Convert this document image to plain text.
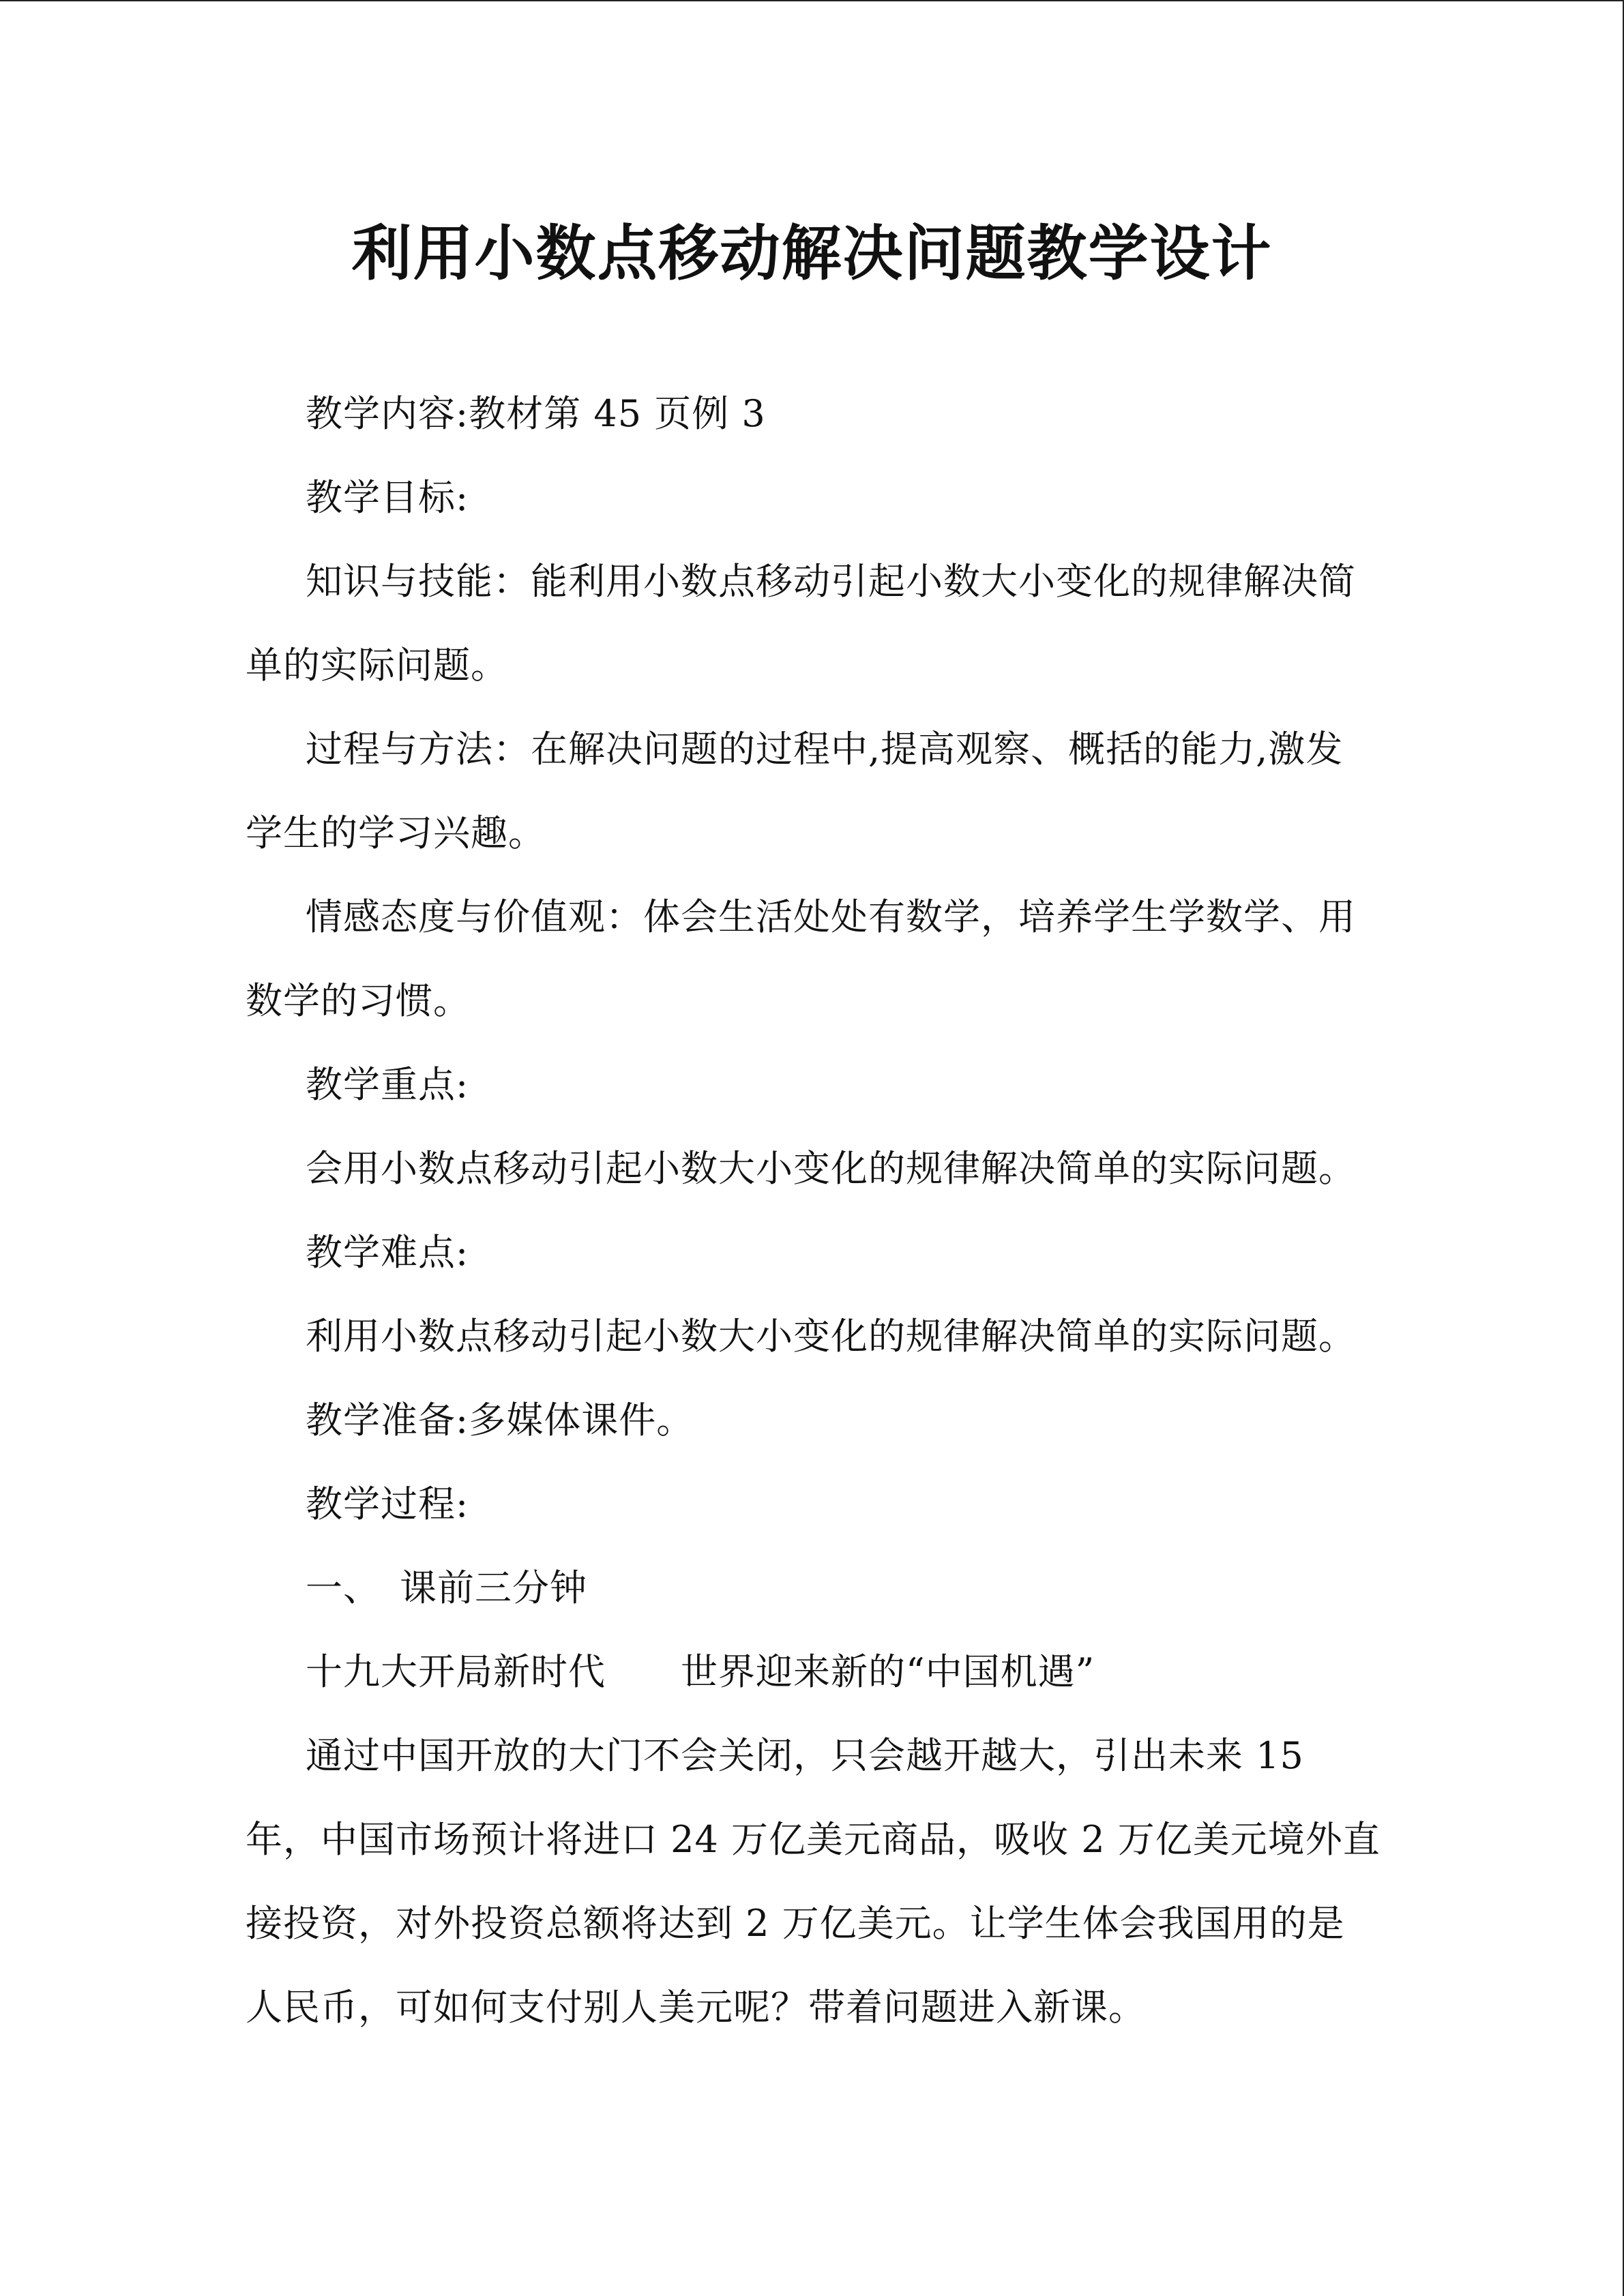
利用小数点移动解决问题教学设计

教学内容:教材第 45 页例 3

教学目标:

知识与技能：能利用小数点移动引起小数大小变化的规律解决简

单的实际问题。

过程与方法：在解决问题的过程中,提高观察、概括的能力,激发

学生的学习兴趣。

情感态度与价值观：体会生活处处有数学，培养学生学数学、用

数学的习惯。

教学重点:

会用小数点移动引起小数大小变化的规律解决简单的实际问题。

教学难点:

利用小数点移动引起小数大小变化的规律解决简单的实际问题。

教学准备:多媒体课件。

教学过程:

一、　课前三分钟

十九大开局新时代　　世界迎来新的“中国机遇”

通过中国开放的大门不会关闭，只会越开越大，引出未来 15

年，中国市场预计将进口 24 万亿美元商品，吸收 2 万亿美元境外直

接投资，对外投资总额将达到 2 万亿美元。让学生体会我国用的是

人民币，可如何支付别人美元呢？带着问题进入新课。
